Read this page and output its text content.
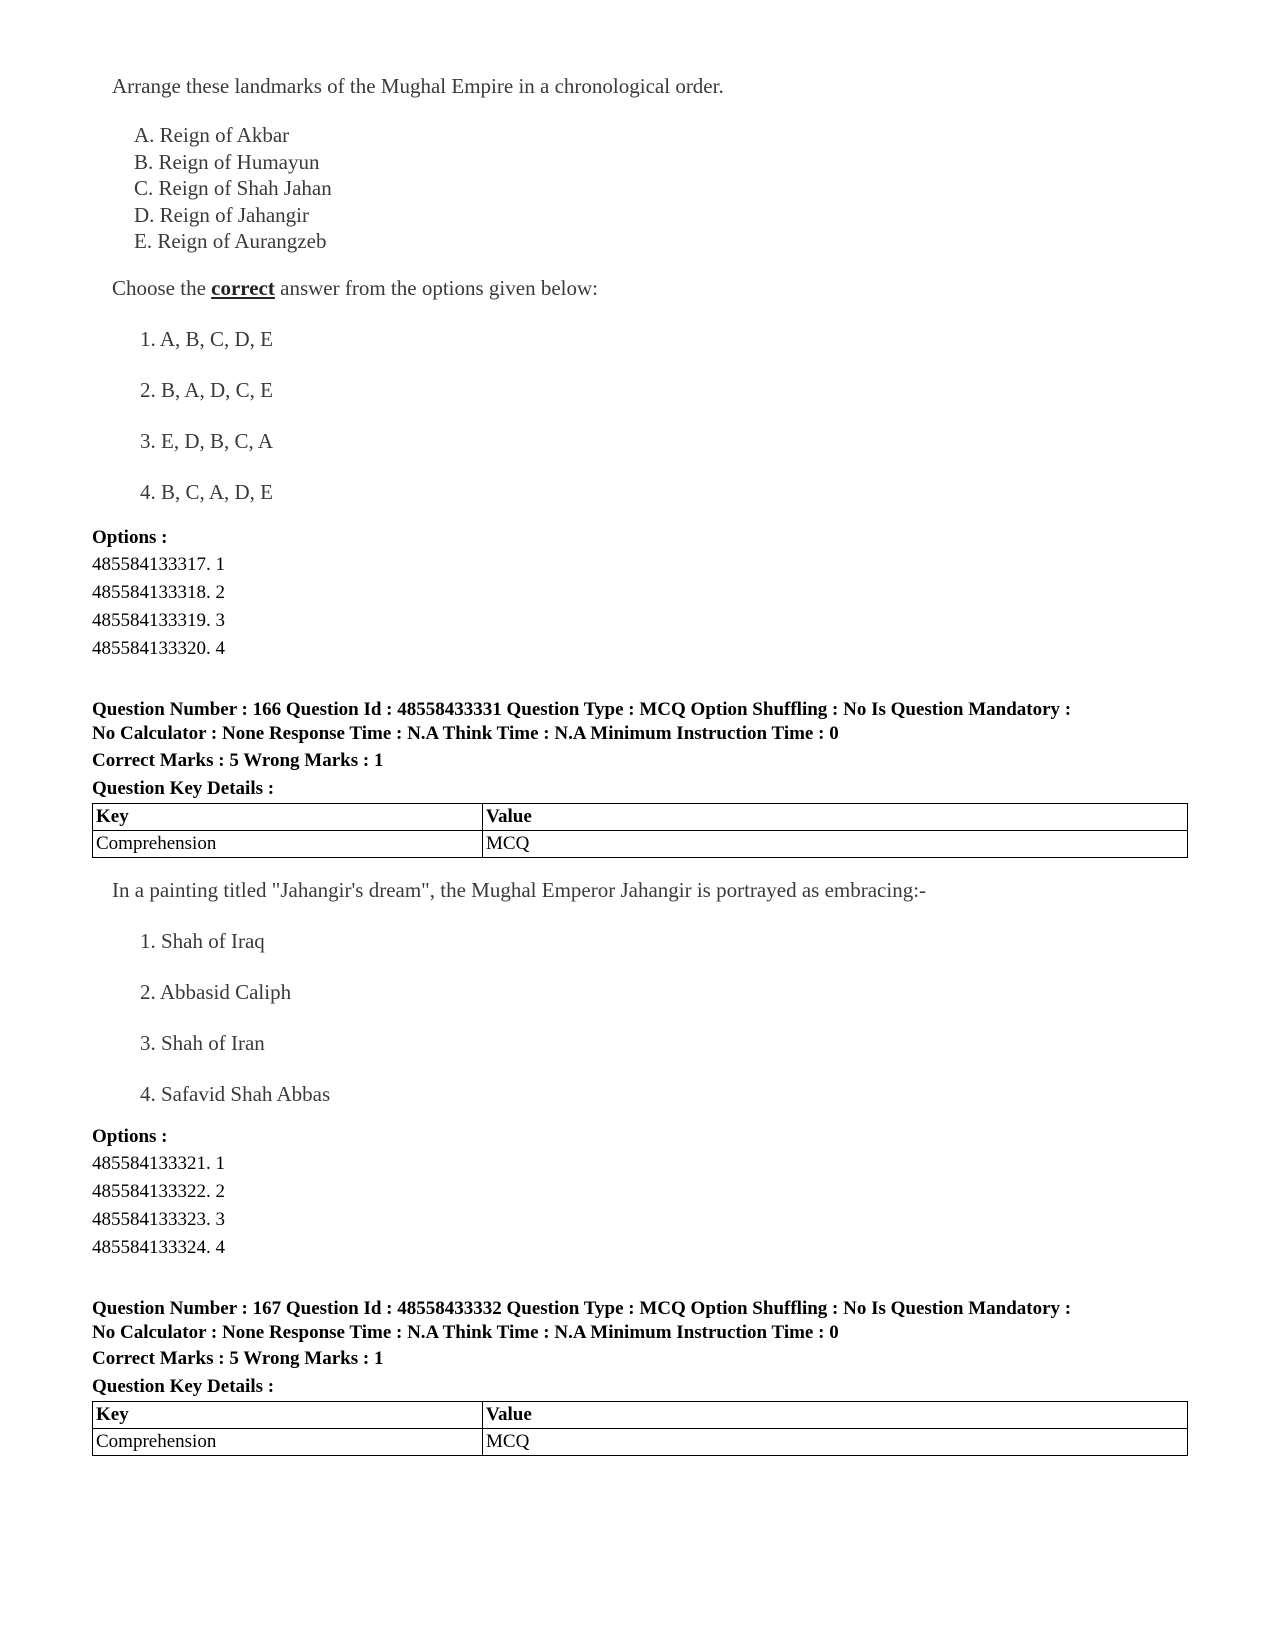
Arrange these landmarks of the Mughal Empire in a chronological order.
A. Reign of Akbar
B. Reign of Humayun
C. Reign of Shah Jahan
D. Reign of Jahangir
E. Reign of Aurangzeb
Choose the correct answer from the options given below:
1. A, B, C, D, E
2. B, A, D, C, E
3. E, D, B, C, A
4. B, C, A, D, E
Options :
485584133317. 1
485584133318. 2
485584133319. 3
485584133320. 4
Question Number : 166 Question Id : 48558433331 Question Type : MCQ Option Shuffling : No Is Question Mandatory :
No Calculator : None Response Time : N.A Think Time : N.A Minimum Instruction Time : 0
Correct Marks : 5 Wrong Marks : 1
Question Key Details :
Key	Value
Comprehension	MCQ
In a painting titled "Jahangir's dream", the Mughal Emperor Jahangir is portrayed as embracing:-
1. Shah of Iraq
2. Abbasid Caliph
3. Shah of Iran
4. Safavid Shah Abbas
Options :
485584133321. 1
485584133322. 2
485584133323. 3
485584133324. 4
Question Number : 167 Question Id : 48558433332 Question Type : MCQ Option Shuffling : No Is Question Mandatory :
No Calculator : None Response Time : N.A Think Time : N.A Minimum Instruction Time : 0
Correct Marks : 5 Wrong Marks : 1
Question Key Details :
Key	Value
Comprehension	MCQ
